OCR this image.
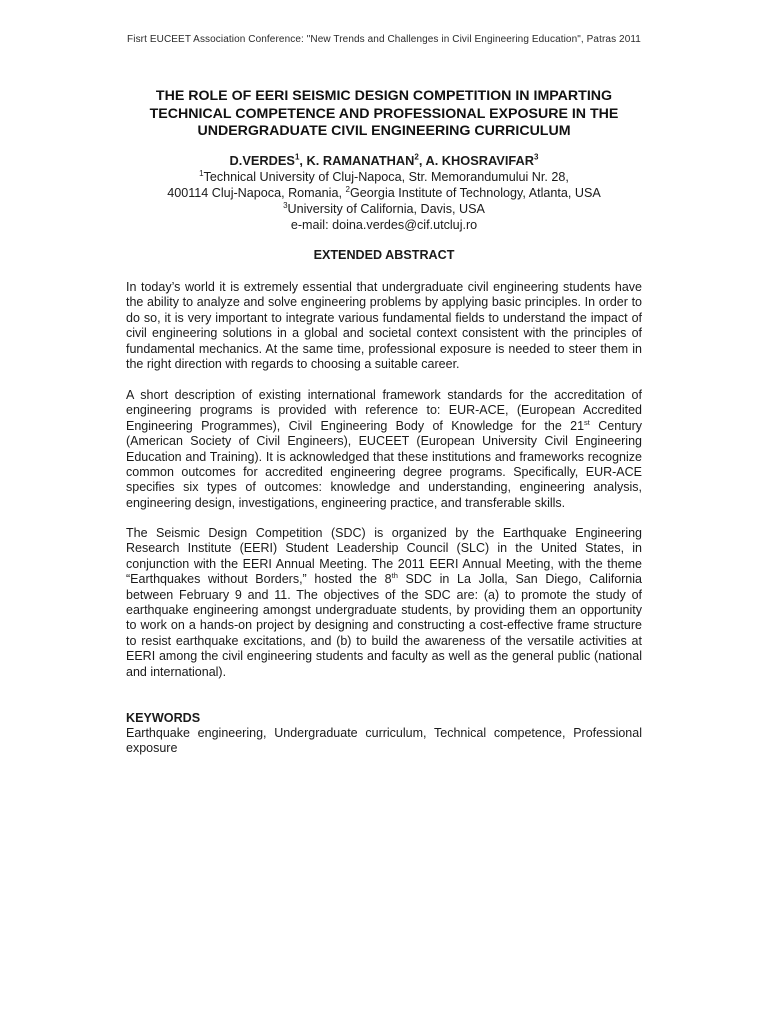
Fisrt EUCEET Association Conference: "New Trends and Challenges in Civil Engineering Education", Patras 2011
THE ROLE OF EERI SEISMIC DESIGN COMPETITION IN IMPARTING
TECHNICAL COMPETENCE AND PROFESSIONAL EXPOSURE IN THE
UNDERGRADUATE CIVIL ENGINEERING CURRICULUM
D.VERDES$^1$, K. RAMANATHAN$^2$, A. KHOSRAVIFAR$^3$
$^1$Technical University of Cluj-Napoca, Str. Memorandumului Nr. 28,
400114 Cluj-Napoca, Romania, $^2$Georgia Institute of Technology, Atlanta, USA
$^3$University of California, Davis, USA
e-mail: doina.verdes@cif.utcluj.ro
EXTENDED ABSTRACT

In today’s world it is extremely essential that undergraduate civil engineering students have the ability to analyze and solve engineering problems by applying basic principles. In order to do so, it is very important to integrate various fundamental fields to understand the impact of civil engineering solutions in a global and societal context consistent with the principles of fundamental mechanics. At the same time, professional exposure is needed to steer them in the right direction with regards to choosing a suitable career.

A short description of existing international framework standards for the accreditation of engineering programs is provided with reference to: EUR-ACE, (European Accredited Engineering Programmes), Civil Engineering Body of Knowledge for the 21st Century (American Society of Civil Engineers), EUCEET (European University Civil Engineering Education and Training). It is acknowledged that these institutions and frameworks recognize common outcomes for accredited engineering degree programs. Specifically, EUR-ACE specifies six types of outcomes: knowledge and understanding, engineering analysis, engineering design, investigations, engineering practice, and transferable skills.

The Seismic Design Competition (SDC) is organized by the Earthquake Engineering Research Institute (EERI) Student Leadership Council (SLC) in the United States, in conjunction with the EERI Annual Meeting. The 2011 EERI Annual Meeting, with the theme “Earthquakes without Borders,” hosted the 8th SDC in La Jolla, San Diego, California between February 9 and 11. The objectives of the SDC are: (a) to promote the study of earthquake engineering amongst undergraduate students, by providing them an opportunity to work on a hands-on project by designing and constructing a cost-effective frame structure to resist earthquake excitations, and (b) to build the awareness of the versatile activities at EERI among the civil engineering students and faculty as well as the general public (national and international).

KEYWORDS

Earthquake engineering, Undergraduate curriculum, Technical competence, Professional exposure
